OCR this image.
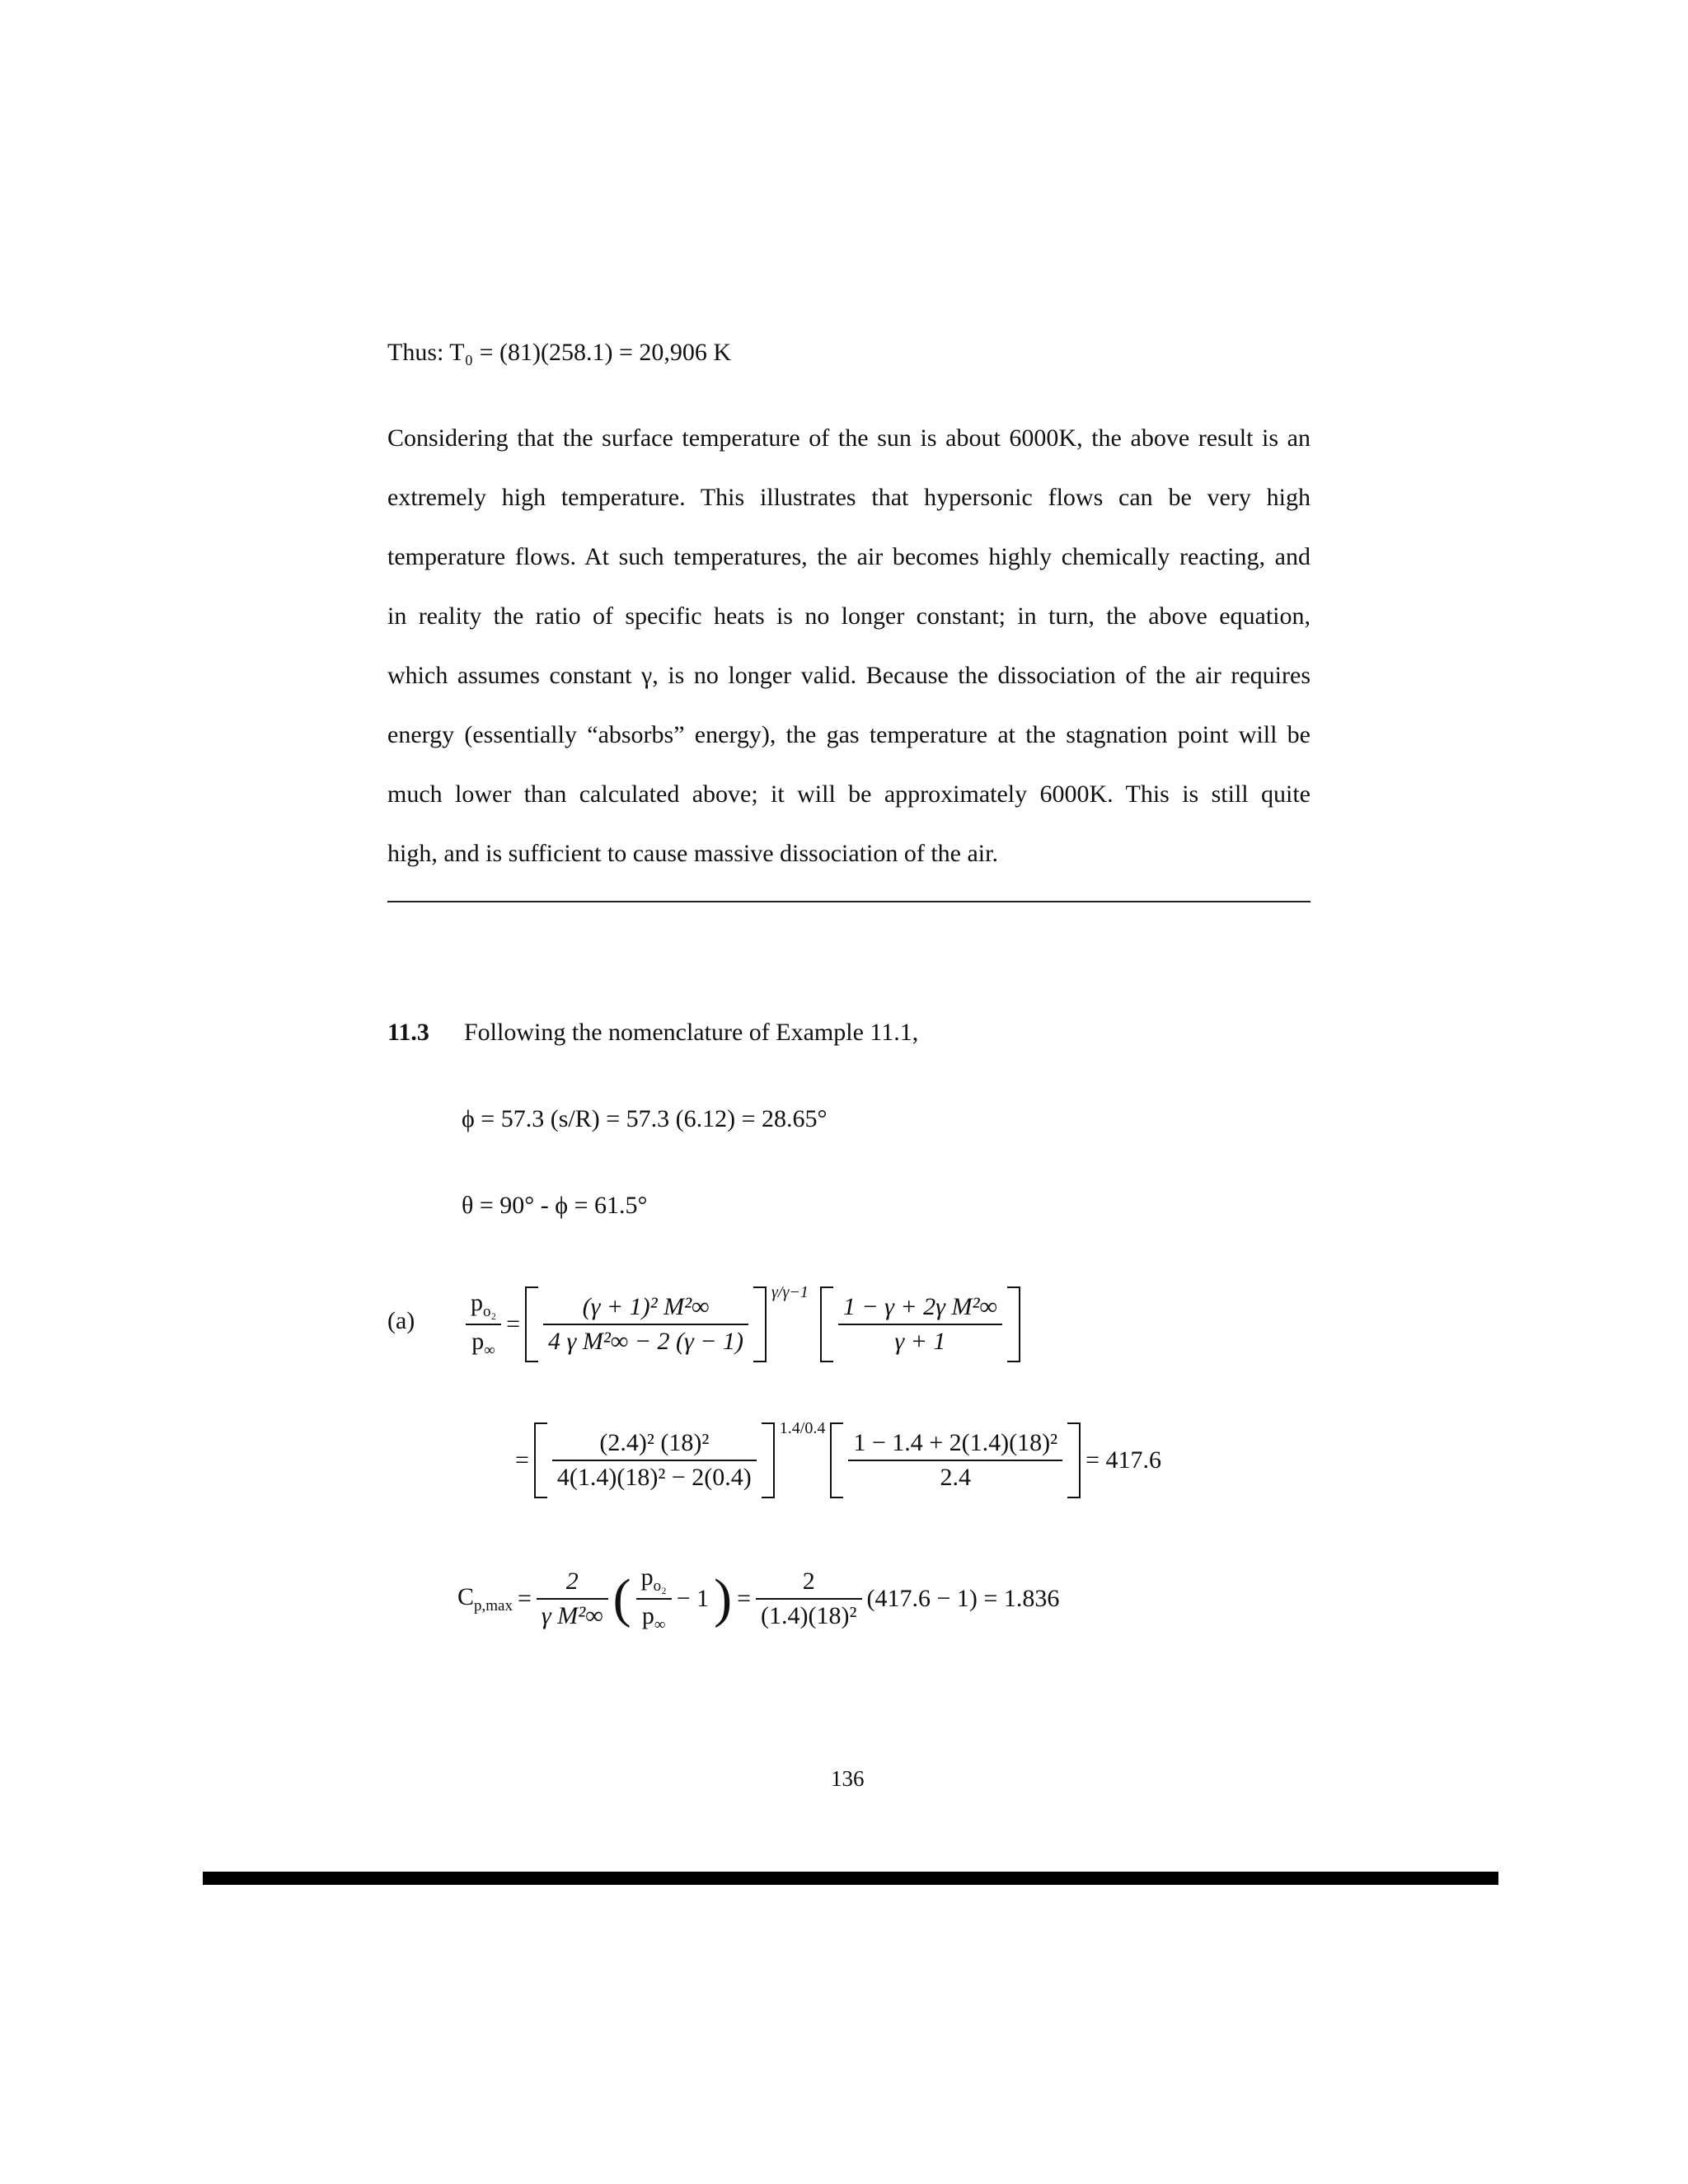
Thus: T₀ = (81)(258.1) = 20,906 K

Considering that the surface temperature of the sun is about 6000K, the above result is an

extremely high temperature. This illustrates that hypersonic flows can be very high

temperature flows. At such temperatures, the air becomes highly chemically reacting, and

in reality the ratio of specific heats is no longer constant; in turn, the above equation,

which assumes constant γ, is no longer valid. Because the dissociation of the air requires

energy (essentially “absorbs” energy), the gas temperature at the stagnation point will be

much lower than calculated above; it will be approximately 6000K. This is still quite

high, and is sufficient to cause massive dissociation of the air.

11.3 Following the nomenclature of Example 11.1,
ϕ = 57.3 (s/R) = 57.3 (6.12) = 28.65°
θ = 90° - ϕ = 61.5°
$(a) \frac{p_{o_2}}{p_\infty} = \frac{\text{(γ + 1)² M²∞}}{\text{4 γ M²∞ − 2 (γ − 1)}}$
γ/γ−1
$\frac{\text{1 − γ + 2γ M²∞}}{\gamma + 1}$
= $\frac{\text{(2.4)² (18)²}}{\text{4(1.4)(18)² − 2(0.4)}}$
1.4/0.4
$\frac{\text{1 − 1.4 + 2(1.4)(18)²}}{2.4} = 417.6$
$C_{p,max} = \frac{2}{\text{γ M²∞}}$ ( $\frac{p_{o_2}}{p_\infty} - 1$ ) = $\frac{2}{\text{(1.4)(18)²}} (417.6 - 1) = 1.836$
136
